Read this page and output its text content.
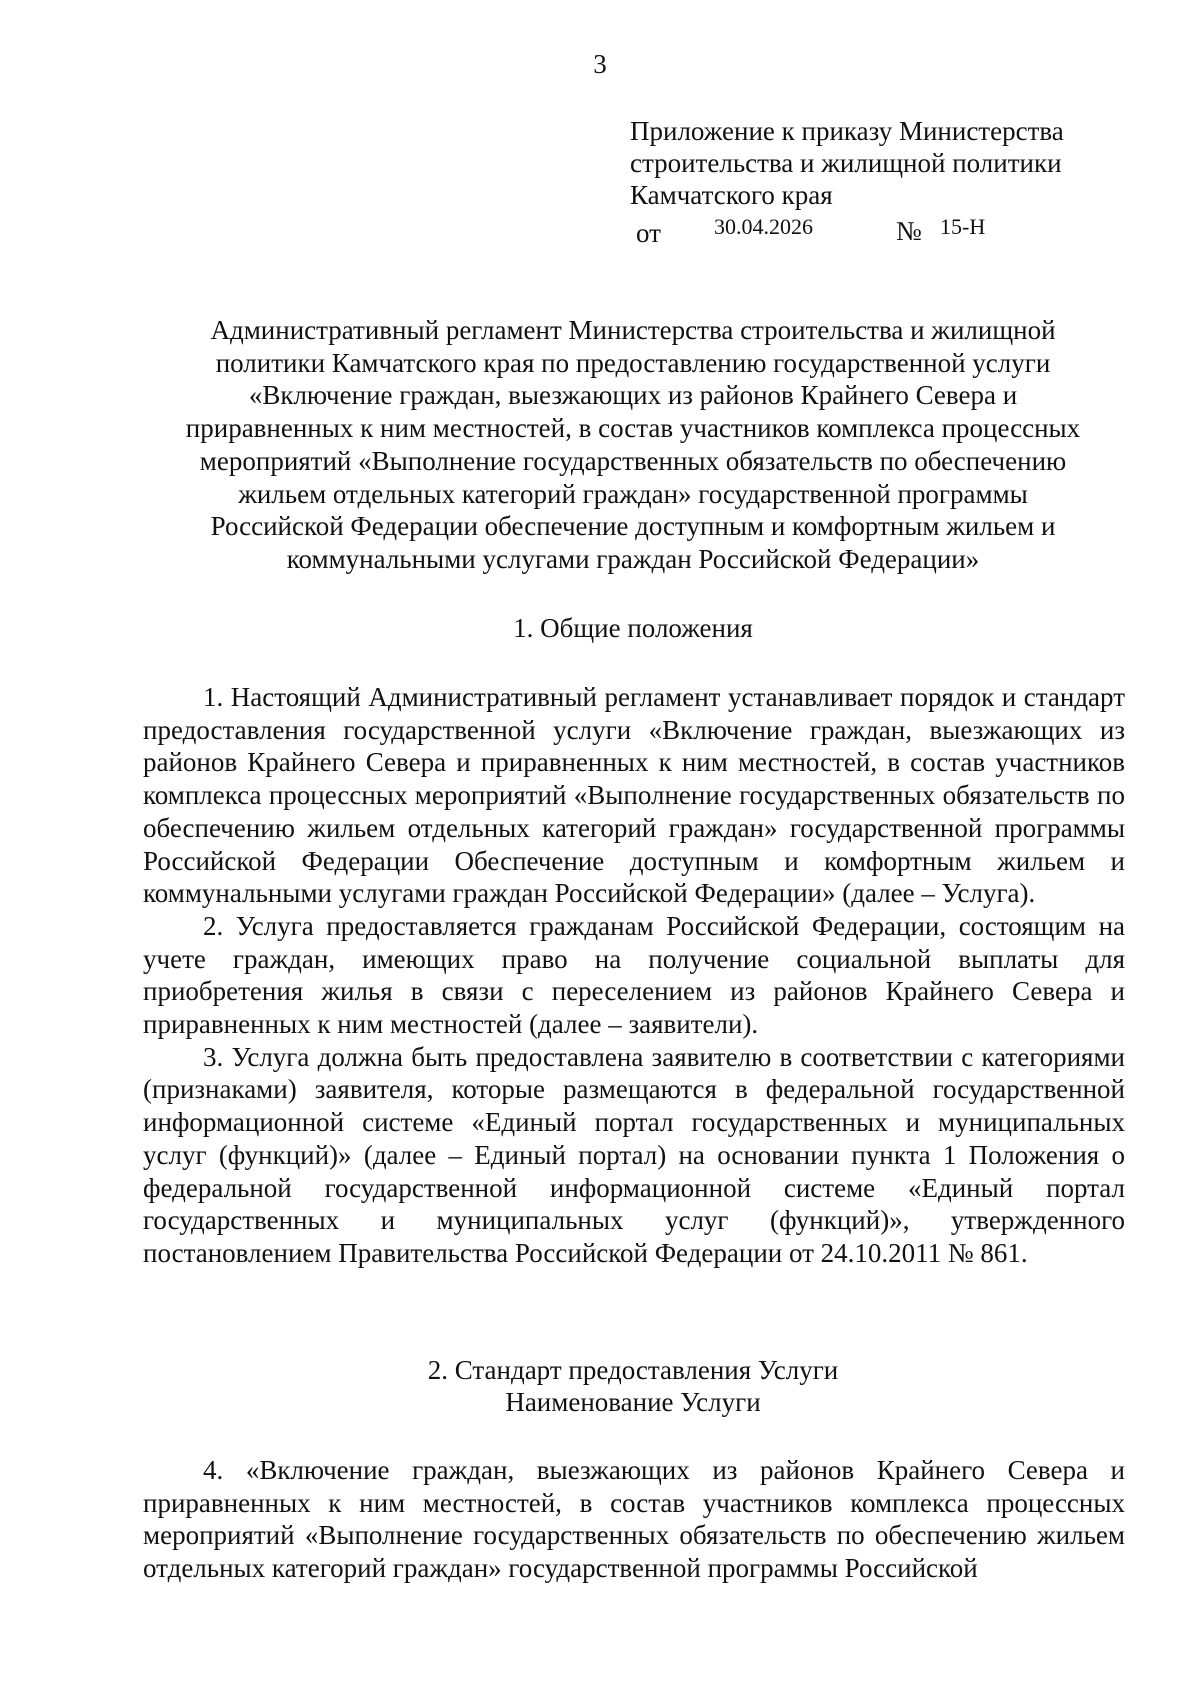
3
Приложение к приказу Министерства
строительства и жилищной политики
Камчатского края
от 30.04.2026	№ 15-Н
Административный регламент Министерства строительства и жилищной
политики Камчатского края по предоставлению государственной услуги
«Включение граждан, выезжающих из районов Крайнего Севера и
приравненных к ним местностей, в состав участников комплекса процессных
мероприятий «Выполнение государственных обязательств по обеспечению
жильем отдельных категорий граждан» государственной программы
Российской Федерации обеспечение доступным и комфортным жильем и
коммунальными услугами граждан Российской Федерации»
1. Общие положения

1. Настоящий Административный регламент устанавливает порядок и стандарт предоставления государственной услуги «Включение граждан, выезжающих из районов Крайнего Севера и приравненных к ним местностей, в состав участников комплекса процессных мероприятий «Выполнение государственных обязательств по обеспечению жильем отдельных категорий граждан» государственной программы Российской Федерации Обеспечение доступным и комфортным жильем и коммунальными услугами граждан Российской Федерации» (далее – Услуга).

2. Услуга предоставляется гражданам Российской Федерации, состоящим на учете граждан, имеющих право на получение социальной выплаты для приобретения жилья в связи с переселением из районов Крайнего Севера и приравненных к ним местностей (далее – заявители).

3. Услуга должна быть предоставлена заявителю в соответствии с категориями (признаками) заявителя, которые размещаются в федеральной государственной информационной системе «Единый портал государственных и муниципальных услуг (функций)» (далее – Единый портал) на основании пункта 1 Положения о федеральной государственной информационной системе «Единый портал государственных и муниципальных услуг (функций)», утвержденного постановлением Правительства Российской Федерации от 24.10.2011 № 861.

2. Стандарт предоставления Услуги
Наименование Услуги

4. «Включение граждан, выезжающих из районов Крайнего Севера и приравненных к ним местностей, в состав участников комплекса процессных мероприятий «Выполнение государственных обязательств по обеспечению жильем отдельных категорий граждан» государственной программы Российской
